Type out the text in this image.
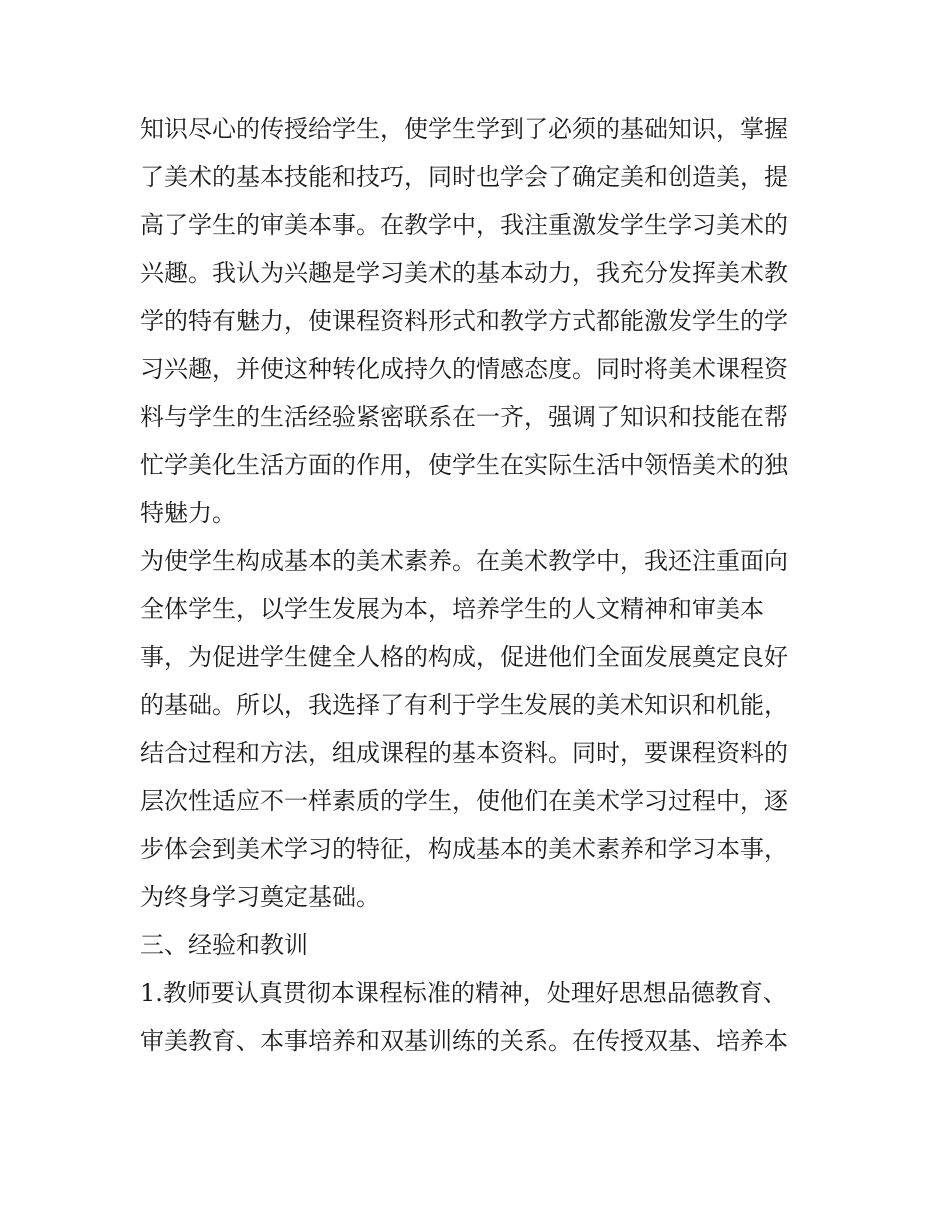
知识尽心的传授给学生，使学生学到了必须的基础知识，掌握
了美术的基本技能和技巧，同时也学会了确定美和创造美，提
高了学生的审美本事。在教学中，我注重激发学生学习美术的
兴趣。我认为兴趣是学习美术的基本动力，我充分发挥美术教
学的特有魅力，使课程资料形式和教学方式都能激发学生的学
习兴趣，并使这种转化成持久的情感态度。同时将美术课程资
料与学生的生活经验紧密联系在一齐，强调了知识和技能在帮
忙学美化生活方面的作用，使学生在实际生活中领悟美术的独
特魅力。
为使学生构成基本的美术素养。在美术教学中，我还注重面向
全体学生，以学生发展为本，培养学生的人文精神和审美本
事，为促进学生健全人格的构成，促进他们全面发展奠定良好
的基础。所以，我选择了有利于学生发展的美术知识和机能，
结合过程和方法，组成课程的基本资料。同时，要课程资料的
层次性适应不一样素质的学生，使他们在美术学习过程中，逐
步体会到美术学习的特征，构成基本的美术素养和学习本事，
为终身学习奠定基础。
三、经验和教训
1.教师要认真贯彻本课程标准的精神，处理好思想品德教育、
审美教育、本事培养和双基训练的关系。在传授双基、培养本
